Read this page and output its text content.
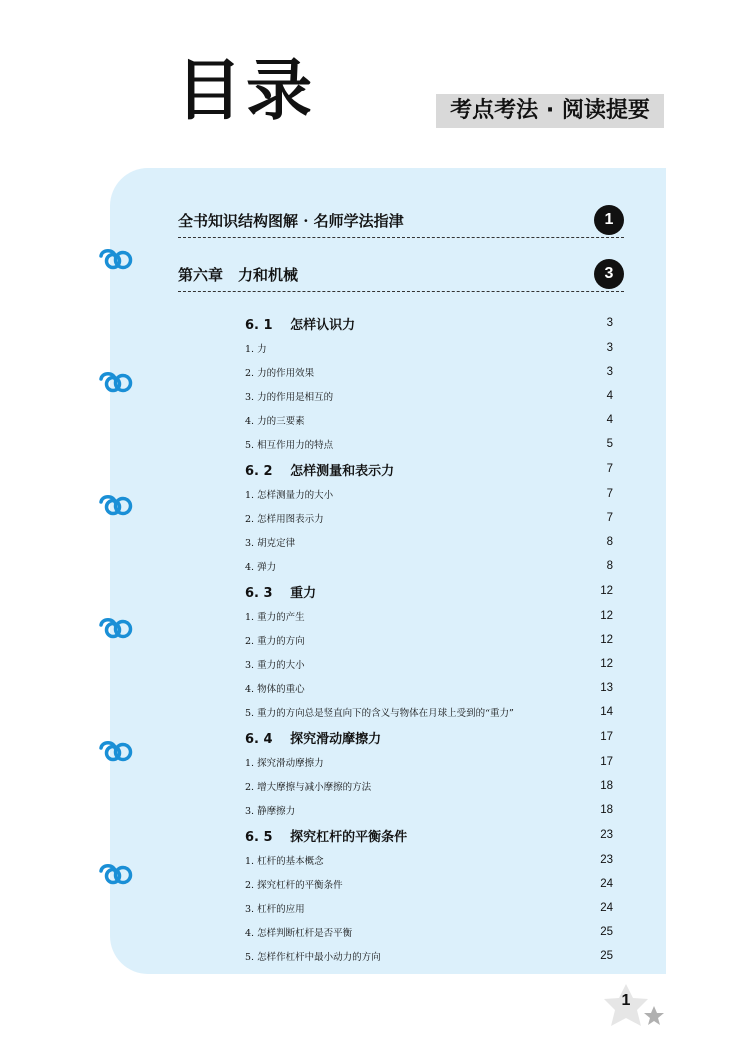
目录	考点考法 · 阅读提要
全书知识结构图解 · 名师学法指津	1
第六章　力和机械	3
6. 1　 怎样认识力	3
1. 力	3
2. 力的作用效果	3
3. 力的作用是相互的	4
4. 力的三要素	4
5. 相互作用力的特点	5
6. 2　 怎样测量和表示力	7
1. 怎样测量力的大小	7
2. 怎样用图表示力	7
3. 胡克定律	8
4. 弹力	8
6. 3　 重力	12
1. 重力的产生	12
2. 重力的方向	12
3. 重力的大小	12
4. 物体的重心	13
5. 重力的方向总是竖直向下的含义与物体在月球上受到的“重力”	14
6. 4　 探究滑动摩擦力	17
1. 探究滑动摩擦力	17
2. 增大摩擦与减小摩擦的方法	18
3. 静摩擦力	18
6. 5　 探究杠杆的平衡条件	23
1. 杠杆的基本概念	23
2. 探究杠杆的平衡条件	24
3. 杠杆的应用	24
4. 怎样判断杠杆是否平衡	25
5. 怎样作杠杆中最小动力的方向	25
1
